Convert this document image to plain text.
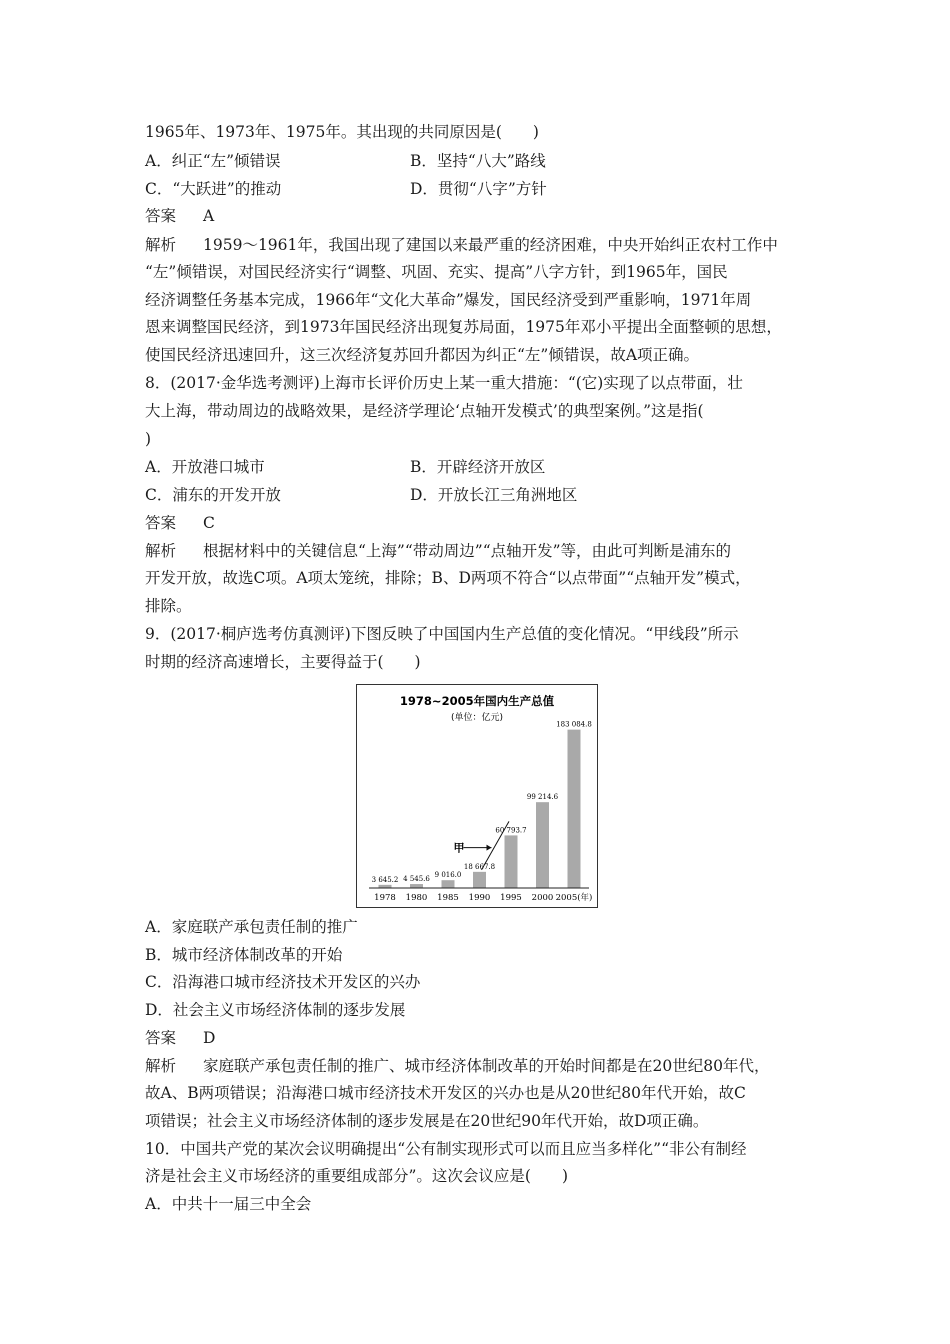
1965年、1973年、1975年。其出现的共同原因是(　　)
A．纠正“左”倾错误	B．坚持“八大”路线
C．“大跃进”的推动	D．贯彻“八字”方针
答案 A
解析 1959～1961年，我国出现了建国以来最严重的经济困难，中央开始纠正农村工作中
“左”倾错误，对国民经济实行“调整、巩固、充实、提高”八字方针，到1965年，国民
经济调整任务基本完成，1966年“文化大革命”爆发，国民经济受到严重影响，1971年周
恩来调整国民经济，到1973年国民经济出现复苏局面，1975年邓小平提出全面整顿的思想，
使国民经济迅速回升，这三次经济复苏回升都因为纠正“左”倾错误，故A项正确。
8．(2017·金华选考测评)上海市长评价历史上某一重大措施：“(它)实现了以点带面，壮
大上海，带动周边的战略效果，是经济学理论‘点轴开发模式’的典型案例。”这是指(
)
A．开放港口城市	B．开辟经济开放区
C．浦东的开发开放	D．开放长江三角洲地区
答案 C
解析 根据材料中的关键信息“上海”“带动周边”“点轴开发”等，由此可判断是浦东的
开发开放，故选C项。A项太笼统，排除；B、D两项不符合“以点带面”“点轴开发”模式，
排除。
9．(2017·桐庐选考仿真测评)下图反映了中国国内生产总值的变化情况。“甲线段”所示
时期的经济高速增长，主要得益于(　　)
1978~2005年国内生产总值
(单位：亿元)
3 645.2 4 545.6 9 016.0
18 667.8
60 793.7
99 214.6
183 084.8
1978 1980 1985 1990 1995 2000 2005(年)
甲
A．家庭联产承包责任制的推广
B．城市经济体制改革的开始
C．沿海港口城市经济技术开发区的兴办
D．社会主义市场经济体制的逐步发展
答案 D
解析 家庭联产承包责任制的推广、城市经济体制改革的开始时间都是在20世纪80年代，
故A、B两项错误；沿海港口城市经济技术开发区的兴办也是从20世纪80年代开始，故C
项错误；社会主义市场经济体制的逐步发展是在20世纪90年代开始，故D项正确。
10．中国共产党的某次会议明确提出“公有制实现形式可以而且应当多样化”“非公有制经
济是社会主义市场经济的重要组成部分”。这次会议应是(　　)
A．中共十一届三中全会
